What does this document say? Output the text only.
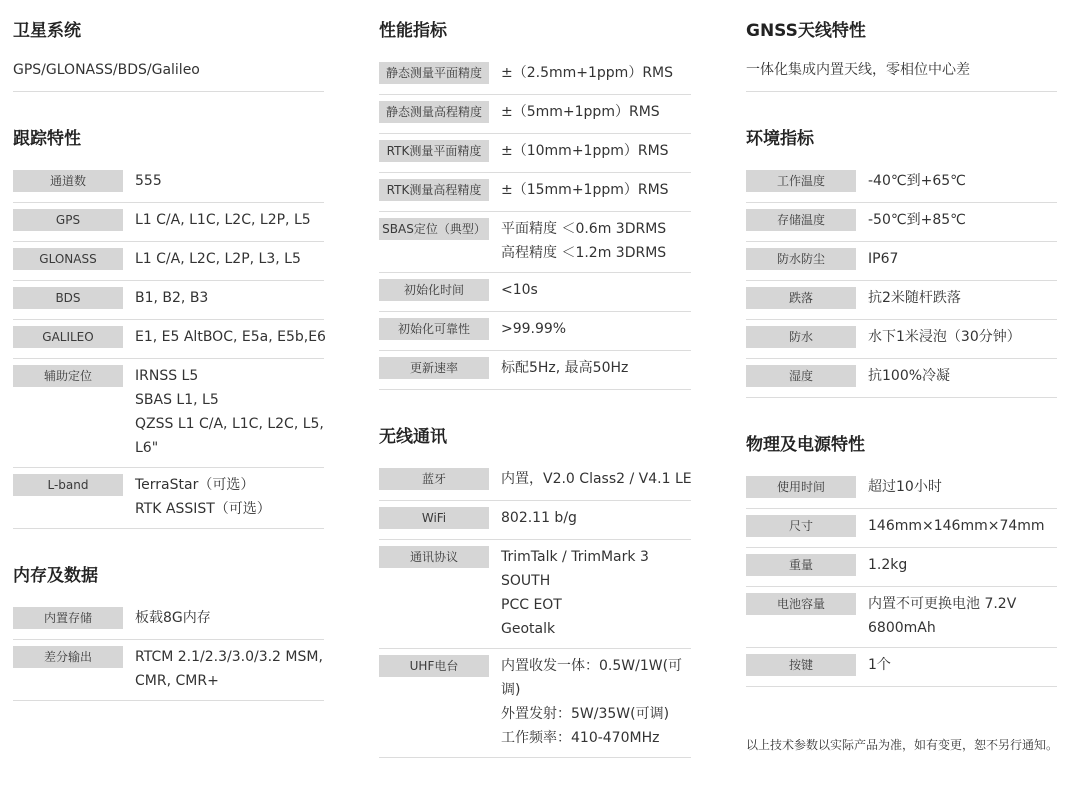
卫星系统
GPS/GLONASS/BDS/Galileo
跟踪特性
通道数	555
GPS	L1 C/A, L1C, L2C, L2P, L5
GLONASS	L1 C/A, L2C, L2P, L3, L5
BDS	B1, B2, B3
GALILEO	E1, E5 AltBOC, E5a, E5b,E6
辅助定位	IRNSS L5
SBAS L1, L5
QZSS L1 C/A, L1C, L2C, L5,
L6"
L-band	TerraStar（可选）
RTK ASSIST（可选）
内存及数据
内置存储	板载8G内存
差分输出	RTCM 2.1/2.3/3.0/3.2 MSM,
CMR, CMR+
性能指标
静态测量平面精度	±（2.5mm+1ppm）RMS
静态测量高程精度	±（5mm+1ppm）RMS
RTK测量平面精度	±（10mm+1ppm）RMS
RTK测量高程精度	±（15mm+1ppm）RMS
SBAS定位（典型） 平面精度 ＜0.6m 3DRMS
高程精度 ＜1.2m 3DRMS
初始化时间	<10s
初始化可靠性	>99.99%
更新速率	标配5Hz, 最高50Hz
无线通讯
蓝牙	内置，V2.0 Class2 / V4.1 LE
WiFi	802.11 b/g
通讯协议	TrimTalk / TrimMark 3
SOUTH
PCC EOT
Geotalk
UHF电台	内置收发一体：0.5W/1W(可
调)
外置发射：5W/35W(可调)
工作频率：410-470MHz
GNSS天线特性
一体化集成内置天线，零相位中心差
环境指标
工作温度	-40℃到+65℃
存储温度	-50℃到+85℃
防水防尘	IP67
跌落	抗2米随杆跌落
防水	水下1米浸泡（30分钟）
湿度	抗100%冷凝
物理及电源特性
使用时间	超过10小时
尺寸	146mm×146mm×74mm
重量	1.2kg
电池容量	内置不可更换电池 7.2V
6800mAh
按键	1个
以上技术参数以实际产品为准，如有变更，恕不另行通知。
